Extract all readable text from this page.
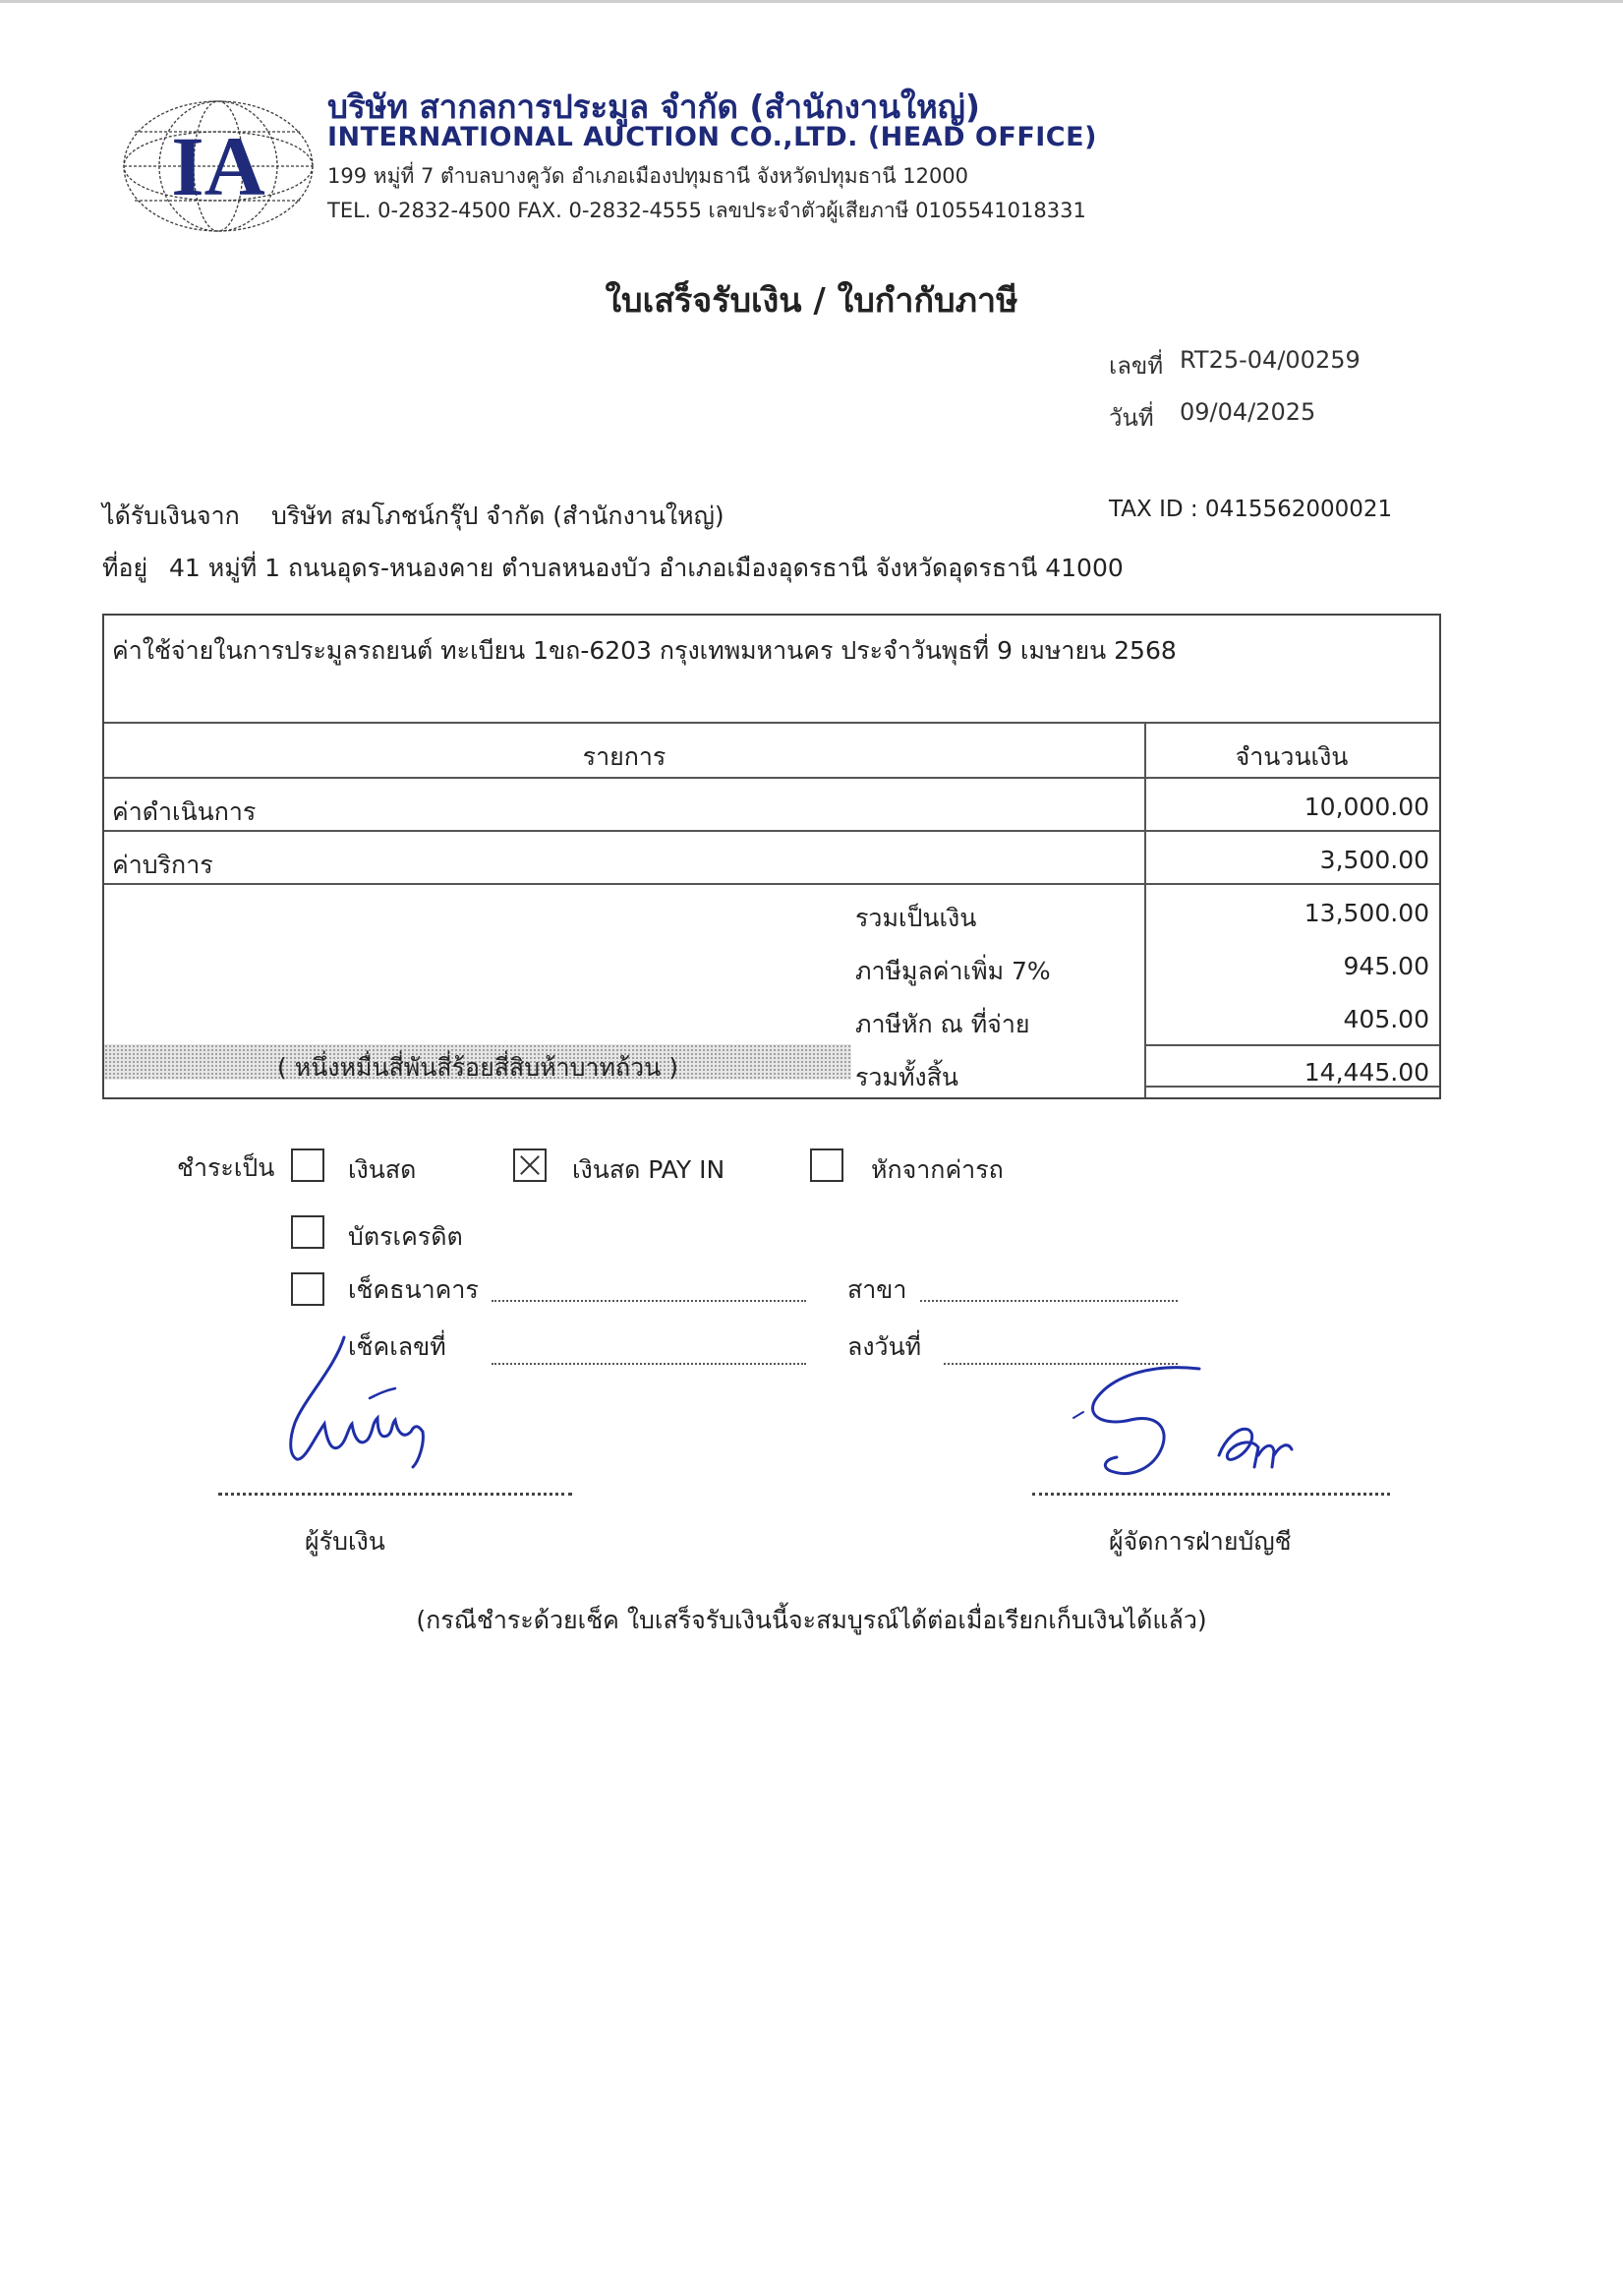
IA
บริษัท สากลการประมูล จำกัด (สำนักงานใหญ่)
INTERNATIONAL AUCTION CO.,LTD. (HEAD OFFICE)
199 หมู่ที่ 7 ตำบลบางคูวัด อำเภอเมืองปทุมธานี จังหวัดปทุมธานี 12000
TEL. 0-2832-4500 FAX. 0-2832-4555 เลขประจำตัวผู้เสียภาษี 0105541018331
ใบเสร็จรับเงิน / ใบกำกับภาษี
เลขที่ RT25-04/00259
วันที่ 09/04/2025
ได้รับเงินจาก บริษัท สมโภชน์กรุ๊ป จำกัด (สำนักงานใหญ่)	TAX ID : 0415562000021
ที่อยู่ 41 หมู่ที่ 1 ถนนอุดร-หนองคาย ตำบลหนองบัว อำเภอเมืองอุดรธานี จังหวัดอุดรธานี 41000
ค่าใช้จ่ายในการประมูลรถยนต์ ทะเบียน 1ขถ-6203 กรุงเทพมหานคร ประจำวันพุธที่ 9 เมษายน 2568
รายการ	จำนวนเงิน
ค่าดำเนินการ	10,000.00
ค่าบริการ	3,500.00
รวมเป็นเงิน	13,500.00
ภาษีมูลค่าเพิ่ม 7%	945.00
ภาษีหัก ณ ที่จ่าย	405.00
( หนึ่งหมื่นสี่พันสี่ร้อยสี่สิบห้าบาทถ้วน )	รวมทั้งสิ้น	14,445.00
ชำระเป็น	เงินสด	เงินสด PAY IN	หักจากค่ารถ
บัตรเครดิต
เช็คธนาคาร	สาขา
เช็คเลขที่	ลงวันที่
ผู้รับเงิน	ผู้จัดการฝ่ายบัญชี
(กรณีชำระด้วยเช็ค ใบเสร็จรับเงินนี้จะสมบูรณ์ได้ต่อเมื่อเรียกเก็บเงินได้แล้ว)
